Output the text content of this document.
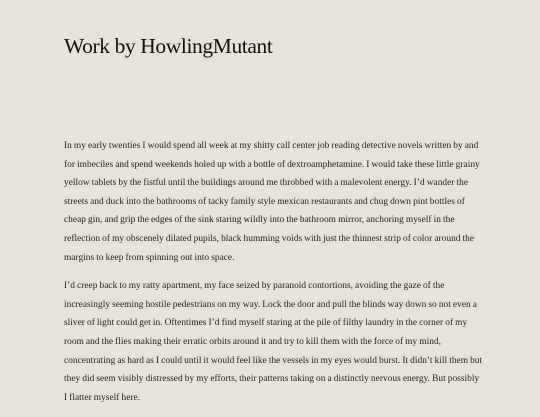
Work by HowlingMutant

In my early twenties I would spend all week at my shitty call center job reading detective novels written by and for imbeciles and spend weekends holed up with a bottle of dextroamphetamine. I would take these little grainy yellow tablets by the fistful until the buildings around me throbbed with a malevolent energy. I’d wander the streets and duck into the bathrooms of tacky family style mexican restaurants and chug down pint bottles of cheap gin, and grip the edges of the sink staring wildly into the bathroom mirror, anchoring myself in the reflection of my obscenely dilated pupils, black humming voids with just the thinnest strip of color around the margins to keep from spinning out into space.

I’d creep back to my ratty apartment, my face seized by paranoid contortions, avoiding the gaze of the increasingly seeming hostile pedestrians on my way. Lock the door and pull the blinds way down so not even a sliver of light could get in. Oftentimes I’d find myself staring at the pile of filthy laundry in the corner of my room and the flies making their erratic orbits around it and try to kill them with the force of my mind, concentrating as hard as I could until it would feel like the vessels in my eyes would burst. It didn’t kill them but they did seem visibly distressed by my efforts, their patterns taking on a distinctly nervous energy. But possibly I flatter myself here.
